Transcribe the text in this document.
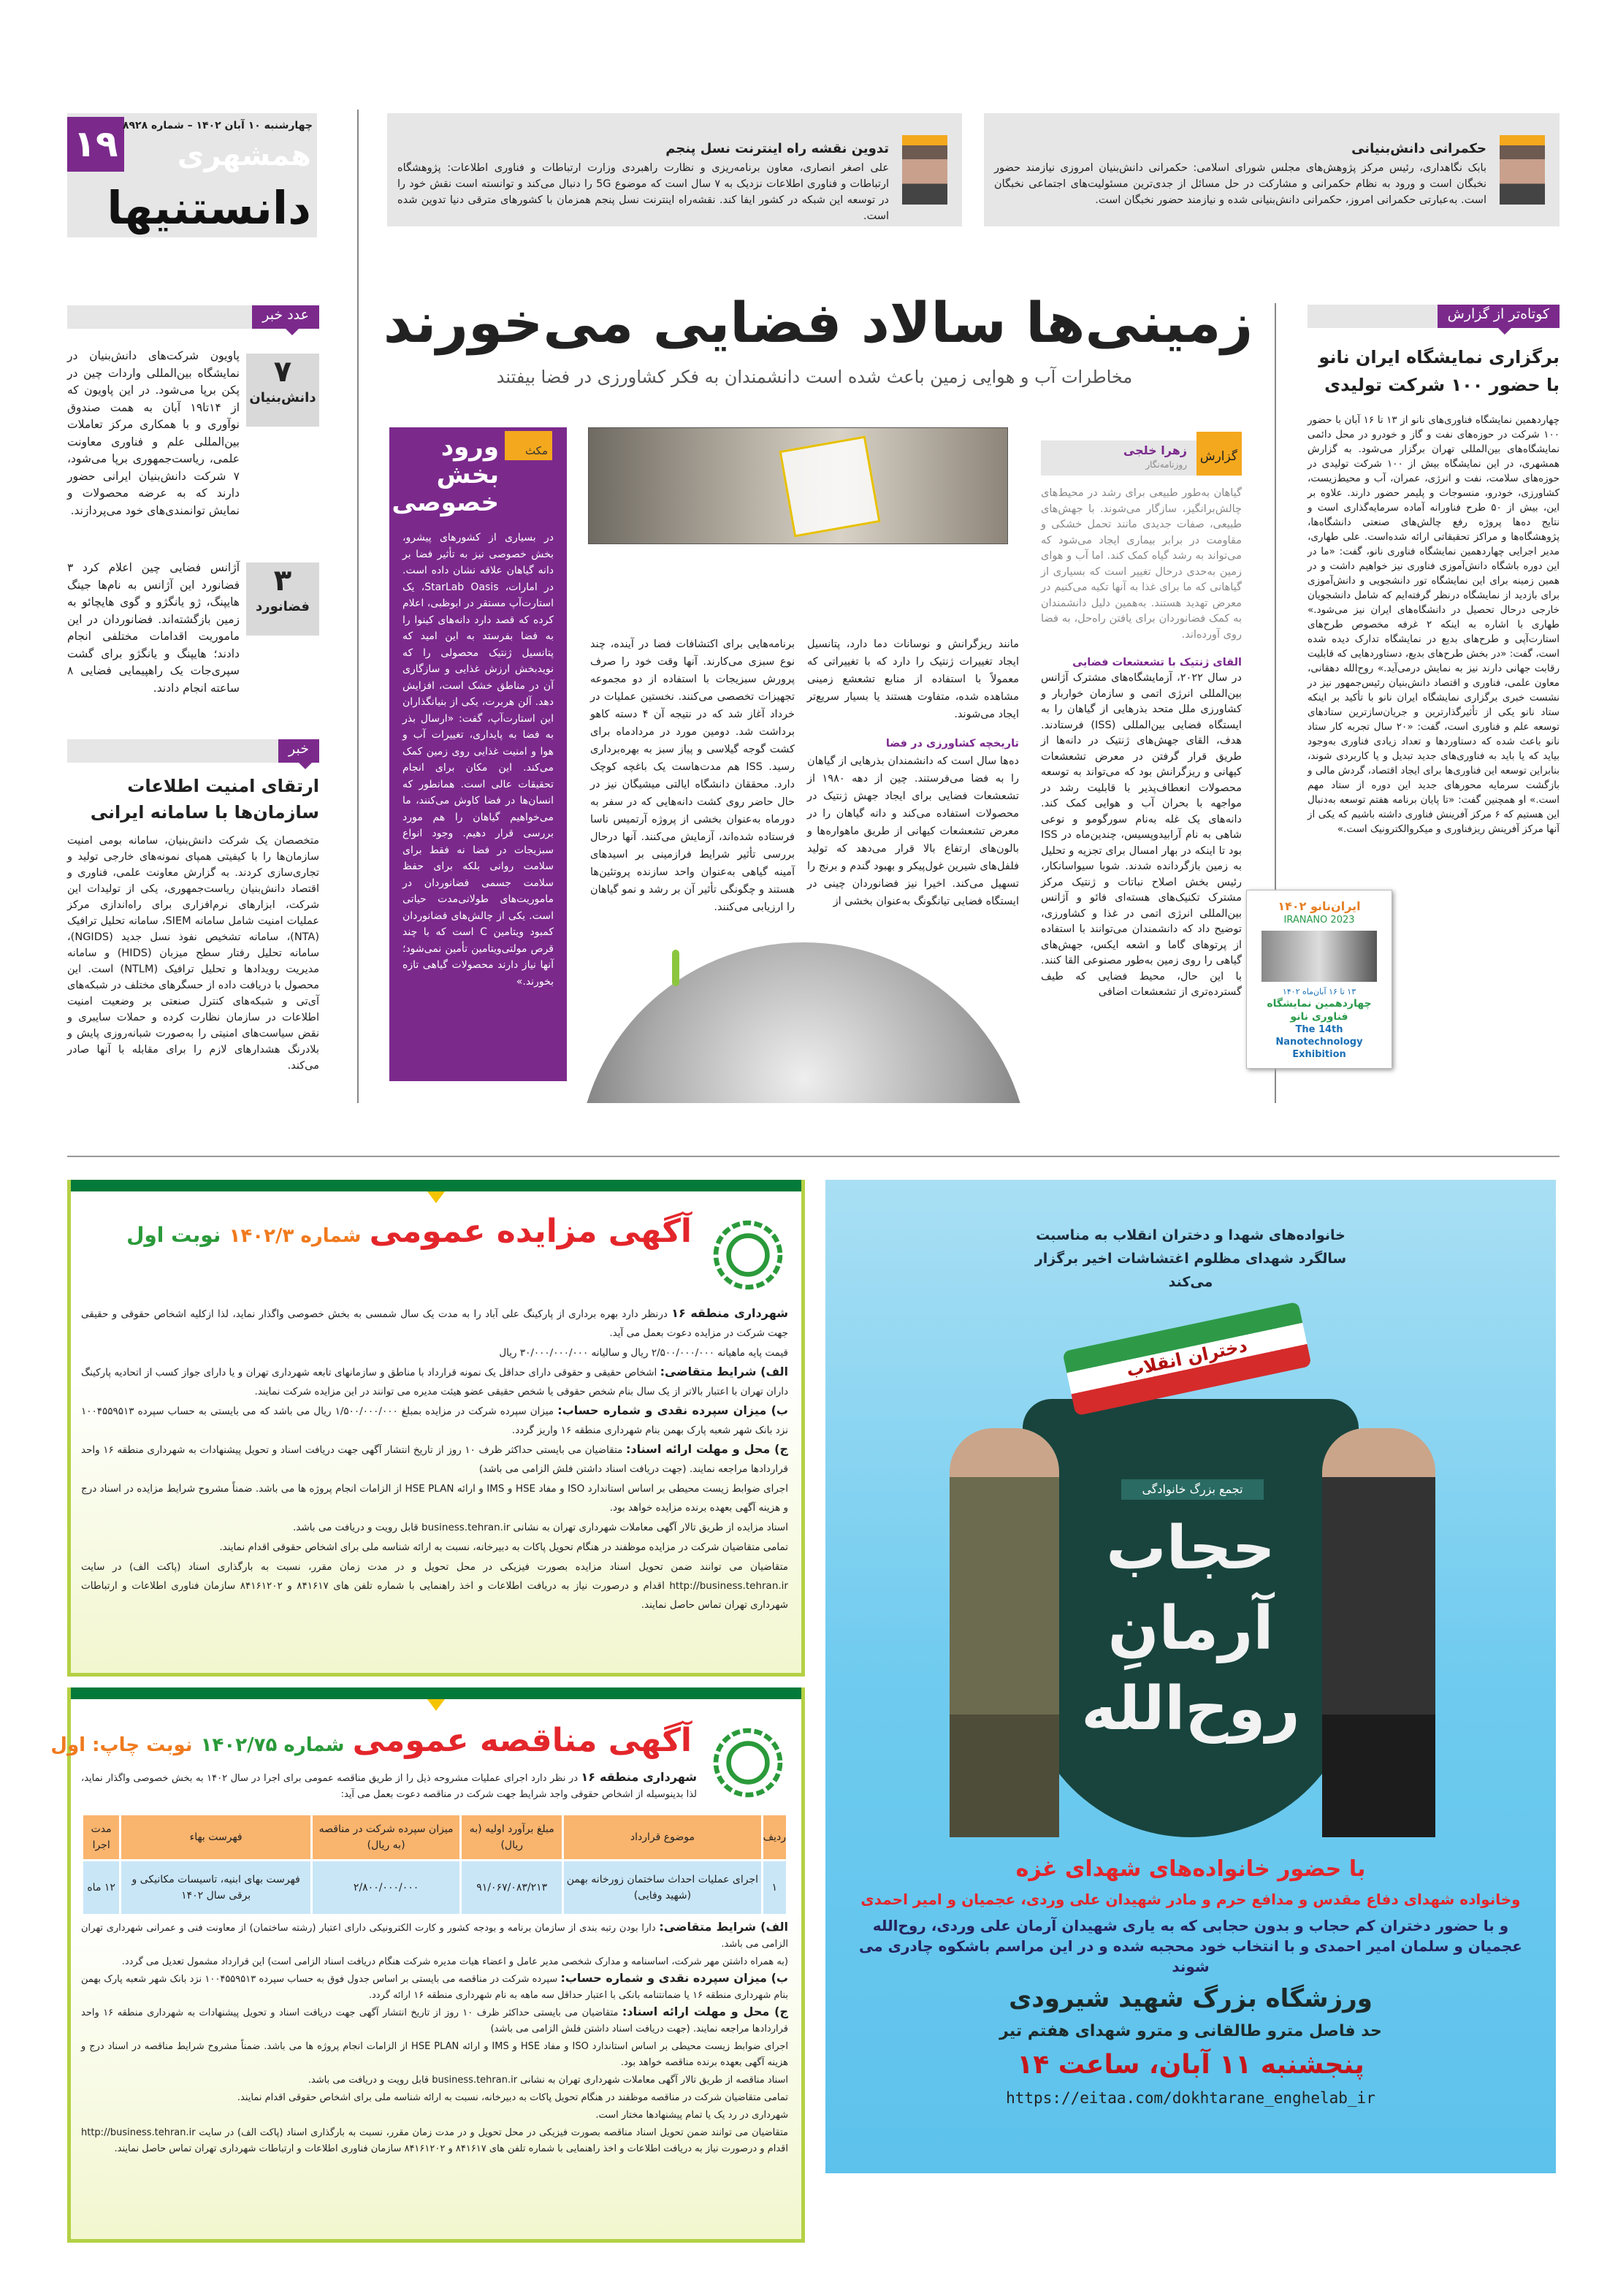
۱۹ چهارشنبه ۱۰ آبان ۱۴۰۲ – شماره ۸۹۲۸
همشهری
دانستنیها
تدوین نقشه راه اینترنت نسل پنجم
علی اصغر انصاری، معاون برنامه‌ریزی و نظارت راهبردی وزارت ارتباطات و فناوری اطلاعات: پژوهشگاه ارتباطات و فناوری اطلاعات نزدیک به ۷ سال است که موضوع 5G را دنبال می‌کند و توانسته است نقش خود را در توسعه این شبکه در کشور ایفا کند. نقشه‌راه اینترنت نسل پنجم همزمان با کشورهای مترقی دنیا تدوین شده است.
حکمرانی دانش‌بنیانی
بابک نگاهداری، رئیس مرکز پژوهش‌های مجلس شورای اسلامی: حکمرانی دانش‌بنیان امروزی نیازمند حضور نخبگان است و ورود به نظام حکمرانی و مشارکت در حل مسائل از جدی‌ترین مسئولیت‌های اجتماعی نخبگان است. به‌عبارتی حکمرانی امروز، حکمرانی دانش‌بنیانی شده و نیازمند حضور نخبگان است.
عدد خبر
۷
دانش‌بنیان
پاویون شرکت‌های دانش‌بنیان در نمایشگاه بین‌المللی واردات چین در پکن برپا می‌شود. در این پاویون که از ۱۴تا۱۹ آبان به همت صندوق نوآوری و با همکاری مرکز تعاملات بین‌المللی علم و فناوری معاونت علمی، ریاست‌جمهوری برپا می‌شود، ۷ شرکت دانش‌بنیان ایرانی حضور دارند که به عرضه محصولات و نمایش توانمندی‌های خود می‌پردازند.
۳
فضانورد
آژانس فضایی چین اعلام کرد ۳ فضانورد این آژانس به نام‌ها جینگ هایپنگ، ژو یانگژو و گوی هایچائو به زمین بازگشته‌اند. فضانوردان در این ماموریت اقدامات مختلفی انجام دادند؛ هایپنگ و یانگژو برای گشت سپری‌جات یک راهپیمایی فضایی ۸ ساعته انجام دادند.
خبر
ارتقای امنیت اطلاعات سازمان‌ها با سامانه ایرانی
متخصصان یک شرکت دانش‌بنیان، سامانه بومی امنیت سازمان‌ها را با کیفیتی همپای نمونه‌های خارجی تولید و تجاری‌سازی کردند. به گزارش معاونت علمی، فناوری و اقتصاد دانش‌بنیان ریاست‌جمهوری، یکی از تولیدات این شرکت، ابزارهای نرم‌افزاری برای راه‌اندازی مرکز عملیات امنیت شامل سامانه SIEM، سامانه تحلیل ترافیک (NTA)، سامانه تشخیص نفوذ نسل جدید (NGIDS)، سامانه تحلیل رفتار سطح میزبان (HIDS) و سامانه مدیریت رویدادها و تحلیل ترافیک (NTLM) است. این محصول با دریافت داده از حسگرهای مختلف در شبکه‌های آی‌تی و شبکه‌های کنترل صنعتی بر وضعیت امنیت اطلاعات در سازمان نظارت کرده و حملات سایبری و نقض سیاست‌های امنیتی را به‌صورت شبانه‌روزی پایش و بلادرنگ هشدارهای لازم را برای مقابله با آنها صادر می‌کند.
زمینی‌ها سالاد فضایی می‌خورند
مخاطرات آب و هوایی زمین باعث شده است دانشمندان به فکر کشاورزی در فضا بیفتند
مکث
ورود بخش خصوصی
در بسیاری از کشورهای پیشرو، بخش خصوصی نیز به تأثیر فضا بر دانه گیاهان علاقه نشان داده است. در امارات، StarLab Oasis، یک استارت‌آپ مستقر در ابوظبی، اعلام کرده که قصد دارد دانه‌های کینوا را به فضا بفرستد به این امید که پتانسیل ژنتیک محصولی را که نویدبخش ارزش غذایی و سازگاری آن در مناطق خشک است، افزایش دهد. آلن هربرت، یکی از بنیانگذاران این استارت‌آپ، گفت: «ارسال بذر به فضا به پایداری، تغییرات آب و هوا و امنیت غذایی روی زمین کمک می‌کند. این مکان برای انجام تحقیقات عالی است. همانطور که انسان‌ها در فضا کاوش می‌کنند، ما می‌خواهیم گیاهان را هم مورد بررسی قرار دهیم. وجود انواع سبزیجات در فضا نه فقط برای سلامت روانی بلکه برای حفظ سلامت جسمی فضانوردان در ماموریت‌های طولانی‌مدت حیاتی است. یکی از چالش‌های فضانوردان کمبود ویتامین C است که با چند قرص مولتی‌ویتامین تأمین نمی‌شود؛ آنها نیاز دارند محصولات گیاهی تازه بخورند.»
گزارش
زهرا خلجی
روزنامه‌نگار
گیاهان به‌طور طبیعی برای رشد در محیط‌های چالش‌برانگیز، سازگار می‌شوند. با جهش‌های طبیعی، صفات جدیدی مانند تحمل خشکی و مقاومت در برابر بیماری ایجاد می‌شود که می‌تواند به رشد گیاه کمک کند. اما آب و هوای زمین به‌حدی درحال تغییر است که بسیاری از گیاهانی که ما برای غذا به آنها تکیه می‌کنیم در معرض تهدید هستند. به‌همین دلیل دانشمندان به کمک فضانوردان برای یافتن راه‌حل، به فضا روی آورده‌اند.
القای ژنتیک با تشعشعات فضایی
در سال ۲۰۲۲، آزمایشگاه‌های مشترک آژانس بین‌المللی انرژی اتمی و سازمان خواربار و کشاورزی ملل متحد بذرهایی از گیاهان را به ایستگاه فضایی بین‌المللی (ISS) فرستادند. هدف، القای جهش‌های ژنتیک در دانه‌ها از طریق قرار گرفتن در معرض تشعشعات کیهانی و ریزگرانش بود که می‌تواند به توسعه محصولات انعطاف‌پذیر با قابلیت رشد در مواجهه با بحران آب و هوایی کمک کند. دانه‌های یک غله به‌نام سورگومو و نوعی شاهی به نام آرابیدوپسیس، چندین‌ماه در ISS بود تا اینکه در بهار امسال برای تجزیه و تحلیل به زمین بازگردانده شدند. شوبا سیواسانکار، رئیس بخش اصلاح نباتات و ژنتیک مرکز مشترک تکنیک‌های هسته‌ای فائو و آژانس بین‌المللی انرژی اتمی در غذا و کشاورزی، توضیح داد که دانشمندان می‌توانند با استفاده از پرتوهای گاما و اشعه ایکس، جهش‌های گیاهی را روی زمین به‌طور مصنوعی القا کنند. با این حال، محیط فضایی که طیف گسترده‌تری از تشعشعات اضافی
مانند ریزگرانش و نوسانات دما دارد، پتانسیل ایجاد تغییرات ژنتیک را دارد که با تغییراتی که معمولاً با استفاده از منابع تشعشع زمینی مشاهده شده، متفاوت هستند یا بسیار سریع‌تر ایجاد می‌شوند.
تاریخچه کشاورزی در فضا
ده‌ها سال است که دانشمندان بذرهایی از گیاهان را به فضا می‌فرستند. چین از دهه ۱۹۸۰ از تشعشعات فضایی برای ایجاد جهش ژنتیک در محصولات استفاده می‌کند و دانه گیاهان را در معرض تشعشعات کیهانی از طریق ماهواره‌ها و بالون‌های ارتفاع بالا قرار می‌دهد که تولید فلفل‌های شیرین غول‌پیکر و بهبود گندم و برنج را تسهیل می‌کند. اخیرا نیز فضانوردان چینی در ایستگاه فضایی تیانگونگ به‌عنوان بخشی از
برنامه‌هایی برای اکتشافات فضا در آینده، چند نوع سبزی می‌کارند. آنها وقت خود را صرف پرورش سبزیجات با استفاده از دو مجموعه تجهیزات تخصصی می‌کنند. نخستین عملیات در خرداد آغاز شد که در نتیجه آن ۴ دسته کاهو برداشت شد. دومین مورد در مردادماه برای کشت گوجه گیلاسی و پیاز سبز به بهره‌برداری رسید. ISS هم مدت‌هاست یک باغچه کوچک دارد. محققان دانشگاه ایالتی میشیگان نیز در حال حاضر روی کشت دانه‌هایی که در سفر به دورماه به‌عنوان بخشی از پروژه آرتمیس ناسا فرستاده شده‌اند، آزمایش می‌کنند. آنها درحال بررسی تأثیر شرایط فرازمینی بر اسیدهای آمینه گیاهی به‌عنوان واحد سازنده پروتئین‌ها هستند و چگونگی تأثیر آن بر رشد و نمو گیاهان را ارزیابی می‌کنند.
کوتاه‌تر از گزارش
برگزاری نمایشگاه ایران نانو با حضور ۱۰۰ شرکت تولیدی
چهاردهمین نمایشگاه فناوری‌های نانو از ۱۳ تا ۱۶ آبان با حضور ۱۰۰ شرکت در حوزه‌های نفت و گاز و خودرو در محل دائمی نمایشگاه‌های بین‌المللی تهران برگزار می‌شود. به گزارش همشهری، در این نمایشگاه بیش از ۱۰۰ شرکت تولیدی در حوزه‌های سلامت، نفت و انرژی، عمران، آب و محیط‌زیست، کشاورزی، خودرو، منسوجات و پلیمر حضور دارند. علاوه بر این، بیش از ۵۰ طرح فناورانه آماده سرمایه‌گذاری است و نتایج ده‌ها پروژه رفع چالش‌های صنعتی دانشگاه‌ها، پژوهشگاه‌ها و مراکز تحقیقاتی ارائه شده‌است. علی طهاری، مدیر اجرایی چهاردهمین نمایشگاه فناوری نانو، گفت: «ما در این دوره باشگاه دانش‌آموزی فناوری نیز خواهیم داشت و در همین زمینه برای این نمایشگاه تور دانشجویی و دانش‌آموزی برای بازدید از نمایشگاه درنظر گرفته‌ایم که شامل دانشجویان خارجی درحال تحصیل در دانشگاه‌های ایران نیز می‌شود.» طهاری با اشاره به اینکه ۲ غرفه مخصوص طرح‌های استارت‌آپی و طرح‌های بدیع در نمایشگاه تدارک دیده شده است، گفت: «در بخش طرح‌های بدیع، دستاوردهایی که قابلیت رقابت جهانی دارند نیز به نمایش درمی‌آید.» روح‌الله دهقانی، معاون علمی، فناوری و اقتصاد دانش‌بنیان رئیس‌جمهور نیز در نشست خبری برگزاری نمایشگاه ایران نانو با تأکید بر اینکه ستاد نانو یکی از تأثیرگذارترین و جریان‌سازترین ستادهای توسعه علم و فناوری است، گفت: «۲۰ سال تجربه کار ستاد نانو باعث شده که دستاوردها و تعداد زیادی فناوری به‌وجود بیاید که یا باید به فناوری‌های جدید تبدیل و یا کاربردی شوند، بنابراین توسعه این فناوری‌ها برای ایجاد اقتصاد، گردش مالی و بازگشت سرمایه محورهای جدید این دوره از ستاد مهم است.» او همچنین گفت: «تا پایان برنامه هفتم توسعه به‌دنبال این هستیم که ۶ مرکز آفرینش فناوری داشته باشیم که یکی از آنها مرکز آفرینش ریزفناوری و میکروالکترونیک است.»
ایران‌نانو ۱۴۰۲
IRANANO 2023
۱۳ تا ۱۶ آبان‌ماه ۱۴۰۲
چهاردهمین نمایشگاه فناوری نانو
The 14th Nanotechnology Exhibition
آگهی مزایده عمومی  شماره ۱۴۰۲/۳  نوبت اول

شهرداری منطقه ۱۶ درنظر دارد بهره برداری از پارکینگ علی آباد را به مدت یک سال شمسی به بخش خصوصی واگذار نماید، لذا ازکلیه اشخاص حقوقی و حقیقی جهت شرکت در مزایده دعوت بعمل می آید.

قیمت پایه ماهیانه ۲/۵۰۰/۰۰۰/۰۰۰ ریال و سالیانه ۳۰/۰۰۰/۰۰۰/۰۰۰ ریال

الف) شرایط متقاضی: اشخاص حقیقی و حقوقی دارای حداقل یک نمونه قرارداد با مناطق و سازمانهای تابعه شهرداری تهران و یا دارای جواز کسب از اتحادیه پارکینگ داران تهران با اعتبار بالاتر از یک سال بنام شخص حقوقی یا شخص حقیقی عضو هیئت مدیره می توانند در این مزایده شرکت نمایند.

ب) میزان سپرده نقدی و شماره حساب: میزان سپرده شرکت در مزایده بمبلغ ۱/۵۰۰/۰۰۰/۰۰۰ ریال می باشد که می بایستی به حساب سپرده ۱۰۰۴۵۵۹۵۱۳ نزد بانک شهر شعبه پارک بهمن بنام شهرداری منطقه ۱۶ واریز گردد.

ج) محل و مهلت ارائه اسناد: متقاضیان می بایستی حداکثر ظرف ۱۰ روز از تاریخ انتشار آگهی جهت دریافت اسناد و تحویل پیشنهادات به شهرداری منطقه ۱۶ واحد قراردادها مراجعه نمایند. (جهت دریافت اسناد داشتن فلش الزامی می باشد)

اجرای ضوابط زیست محیطی بر اساس استاندارد ISO و مفاد HSE و IMS و ارائه HSE PLAN از الزامات انجام پروژه ها می باشد. ضمناً مشروح شرایط مزایده در اسناد درج و هزینه آگهی بعهده برنده مزایده خواهد بود.

اسناد مزایده از طریق تالار آگهی معاملات شهرداری تهران به نشانی business.tehran.ir قابل رویت و دریافت می باشد.

تمامی متقاضیان شرکت در مزایده موظفند در هنگام تحویل پاکات به دبیرخانه، نسبت به ارائه شناسه ملی برای اشخاص حقوقی اقدام نمایند.

متقاضیان می توانند ضمن تحویل اسناد مزایده بصورت فیزیکی در محل تحویل و در مدت زمان مقرر، نسبت به بارگذاری اسناد (پاکت الف) در سایت http://business.tehran.ir اقدام و درصورت نیاز به دریافت اطلاعات و اخذ راهنمایی با شماره تلفن های ۸۴۱۶۱۷ و ۸۴۱۶۱۲۰۲ سازمان فناوری اطلاعات و ارتباطات شهرداری تهران تماس حاصل نمایند.

آگهی مناقصه عمومی  شماره ۱۴۰۲/۷۵  نوبت چاپ: اول

شهرداری منطقه ۱۶ در نظر دارد اجرای عملیات مشروحه ذیل را از طریق مناقصه عمومی برای اجرا در سال ۱۴۰۲ به بخش خصوصی واگذار نماید، لذا بدینوسیله از اشخاص حقوقی واجد شرایط جهت شرکت در مناقصه دعوت بعمل می آید:

ردیف	موضوع قرارداد	مبلغ برآورد اولیه (به ریال)	میزان سپرده شرکت در مناقصه (به ریال)	فهرست بهاء	مدت اجرا
۱	اجرای عملیات احداث ساختمان زورخانه بهمن (شهید وفایی)	۹۱/۰۶۷/۰۸۳/۲۱۳	۲/۸۰۰/۰۰۰/۰۰۰	فهرست بهای ابنیه، تاسیسات مکانیکی و برقی سال ۱۴۰۲	۱۲ ماه

الف) شرایط متقاضی: دارا بودن رتبه بندی از سازمان برنامه و بودجه کشور و کارت الکترونیکی دارای اعتبار (رشته ساختمان) از معاونت فنی و عمرانی شهرداری تهران الزامی می باشد.

(به همراه داشتن مهر شرکت، اساسنامه و مدارک شخصی مدیر عامل و اعضاء هیات مدیره شرکت هنگام دریافت اسناد الزامی است) این قرارداد مشمول تعدیل می گردد.

ب) میزان سپرده نقدی و شماره حساب: سپرده شرکت در مناقصه می بایستی بر اساس جدول فوق به حساب سپرده ۱۰۰۴۵۵۹۵۱۳ نزد بانک شهر شعبه پارک بهمن بنام شهرداری منطقه ۱۶ یا ضمانتنامه بانکی با اعتبار حداقل سه ماهه به نام شهرداری منطقه ۱۶ ارائه گردد.

ج) محل و مهلت ارائه اسناد: متقاضیان می بایستی حداکثر ظرف ۱۰ روز از تاریخ انتشار آگهی جهت دریافت اسناد و تحویل پیشنهادات به شهرداری منطقه ۱۶ واحد قراردادها مراجعه نمایند. (جهت دریافت اسناد داشتن فلش الزامی می باشد)

اجرای ضوابط زیست محیطی بر اساس استاندارد ISO و مفاد HSE و IMS و ارائه HSE PLAN از الزامات انجام پروژه ها می باشد. ضمناً مشروح شرایط مناقصه در اسناد درج و هزینه آگهی بعهده برنده مناقصه خواهد بود.

اسناد مناقصه از طریق تالار آگهی معاملات شهرداری تهران به نشانی business.tehran.ir قابل رویت و دریافت می باشد.

تمامی متقاضیان شرکت در مناقصه موظفند در هنگام تحویل پاکات به دبیرخانه، نسبت به ارائه شناسه ملی برای اشخاص حقوقی اقدام نمایند.

شهرداری در رد یک یا تمام پیشنهادها مختار است.

متقاضیان می توانند ضمن تحویل اسناد مناقصه بصورت فیزیکی در محل تحویل و در مدت زمان مقرر، نسبت به بارگذاری اسناد (پاکت الف) در سایت http://business.tehran.ir اقدام و درصورت نیاز به دریافت اطلاعات و اخذ راهنمایی با شماره تلفن های ۸۴۱۶۱۷ و ۸۴۱۶۱۲۰۲ سازمان فناوری اطلاعات و ارتباطات شهرداری تهران تماس حاصل نمایند.

خانواده‌های شهدا و دختران انقلاب به مناسبت سالگرد شهدای مظلوم اغتشاشات اخیر برگزار می‌کند
دختران انقلاب
تجمع بزرگ خانوادگی
حجاب
آرمانِ
روح‌الله
با حضور خانواده‌های شهدای غزه
وخانواده شهدای دفاع مقدس و مدافع حرم و مادر شهیدان علی وردی، عجمیان و امیر احمدی
و با حضور دختران کم حجاب و بدون حجابی که به یاری شهیدان آرمان علی وردی، روح‌الله عجمیان و سلمان امیر احمدی و با انتخاب خود محجبه شده و در این مراسم باشکوه چادری می شوند
ورزشگاه بزرگ شهید شیرودی
حد فاصل مترو طالقانی و مترو شهدای هفتم تیر
پنجشنبه ۱۱ آبان، ساعت ۱۴
https://eitaa.com/dokhtarane_enghelab_ir
